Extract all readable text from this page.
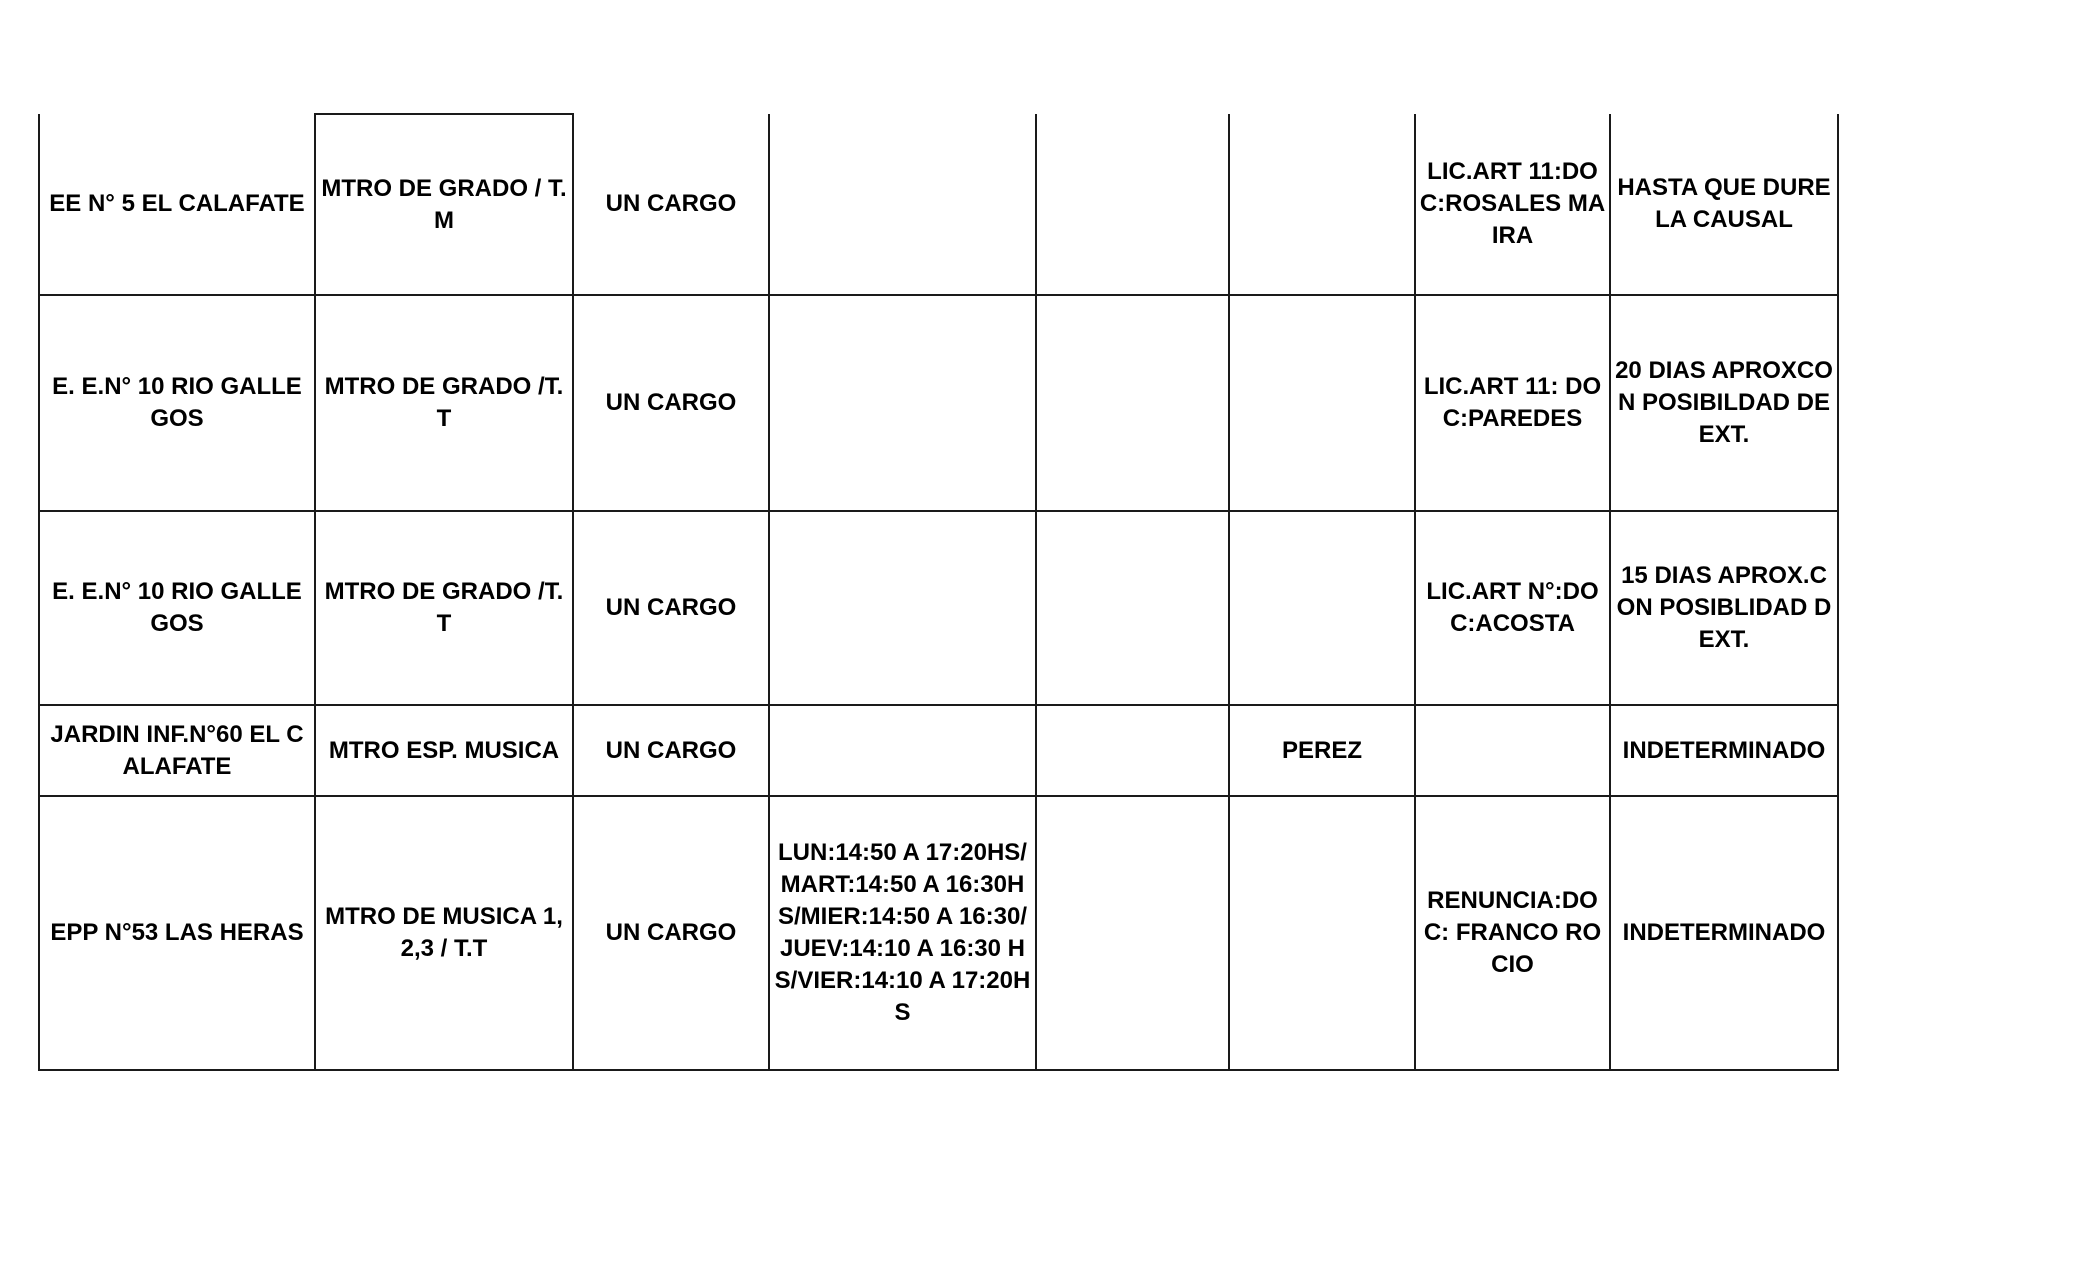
EE N° 5 EL CALAFATE	MTRO DE GRADO / T.M	UN CARGO				LIC.ART 11:DOC:ROSALES MAIRA	HASTA QUE DURE LA CAUSAL

E. E.N° 10 RIO GALLEGOS	MTRO DE GRADO /T.T	UN CARGO				LIC.ART 11: DOC:PAREDES	20 DIAS APROXCON POSIBILDAD DE EXT.

E. E.N° 10 RIO GALLEGOS	MTRO DE GRADO /T.T	UN CARGO				LIC.ART N°:DOC:ACOSTA	15 DIAS APROX.CON POSIBLIDAD D EXT.

JARDIN INF.N°60 EL CALAFATE	MTRO ESP. MUSICA	UN CARGO			PEREZ		INDETERMINADO

EPP N°53 LAS HERAS	MTRO DE MUSICA 1,2,3 / T.T	UN CARGO	LUN:14:50 A 17:20HS/MART:14:50 A 16:30HS/MIER:14:50 A 16:30/JUEV:14:10 A 16:30 HS/VIER:14:10 A 17:20HS			RENUNCIA:DOC: FRANCO ROCIO	INDETERMINADO
